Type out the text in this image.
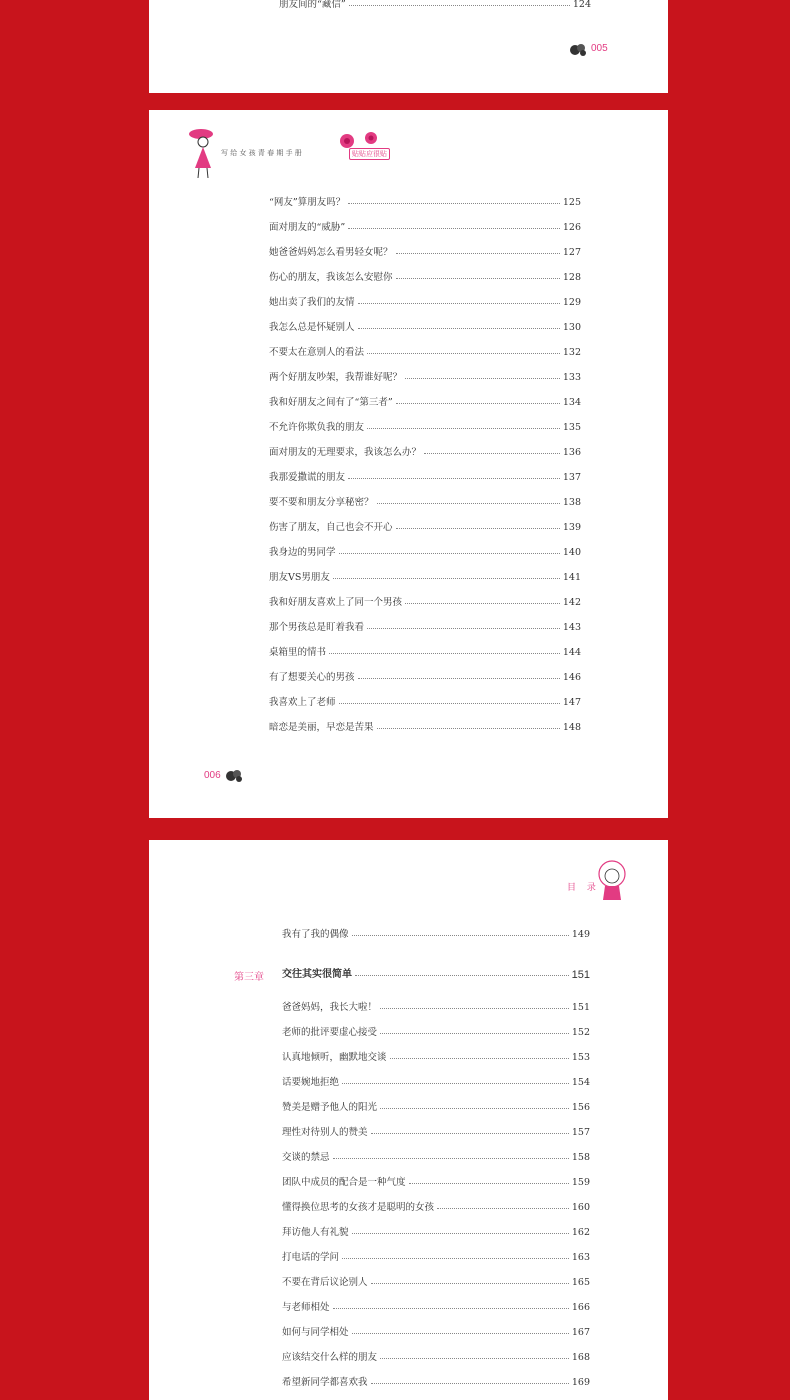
朋友间的“藏信”	124
005
写 给 女 孩 青 春 期 手 册	贴贴应很贴
“网友”算朋友吗？	125
面对朋友的“威胁”	126
她爸爸妈妈怎么看男轻女呢？	127
伤心的朋友，我该怎么安慰你	128
她出卖了我们的友情	129
我怎么总是怀疑别人	130
不要太在意别人的看法	132
两个好朋友吵架，我帮谁好呢？	133
我和好朋友之间有了“第三者”	134
不允许你欺负我的朋友	135
面对朋友的无理要求，我该怎么办？	136
我那爱撒谎的朋友	137
要不要和朋友分享秘密？	138
伤害了朋友，自己也会不开心	139
我身边的男同学	140
朋友VS男朋友	141
我和好朋友喜欢上了同一个男孩	142
那个男孩总是盯着我看	143
桌箱里的情书	144
有了想要关心的男孩	146
我喜欢上了老师	147
暗恋是美丽，早恋是苦果	148
006
目 录
我有了我的偶像	149
第三章 交往其实很简单	151
爸爸妈妈，我长大啦！	151
老师的批评要虚心接受	152
认真地倾听，幽默地交谈	153
话要婉地拒绝	154
赞美是赠予他人的阳光	156
理性对待别人的赞美	157
交谈的禁忌	158
团队中成员的配合是一种气度	159
懂得换位思考的女孩才是聪明的女孩	160
拜访他人有礼貌	162
打电话的学问	163
不要在背后议论别人	165
与老师相处	166
如何与同学相处	167
应该结交什么样的朋友	168
希望新同学都喜欢我	169
